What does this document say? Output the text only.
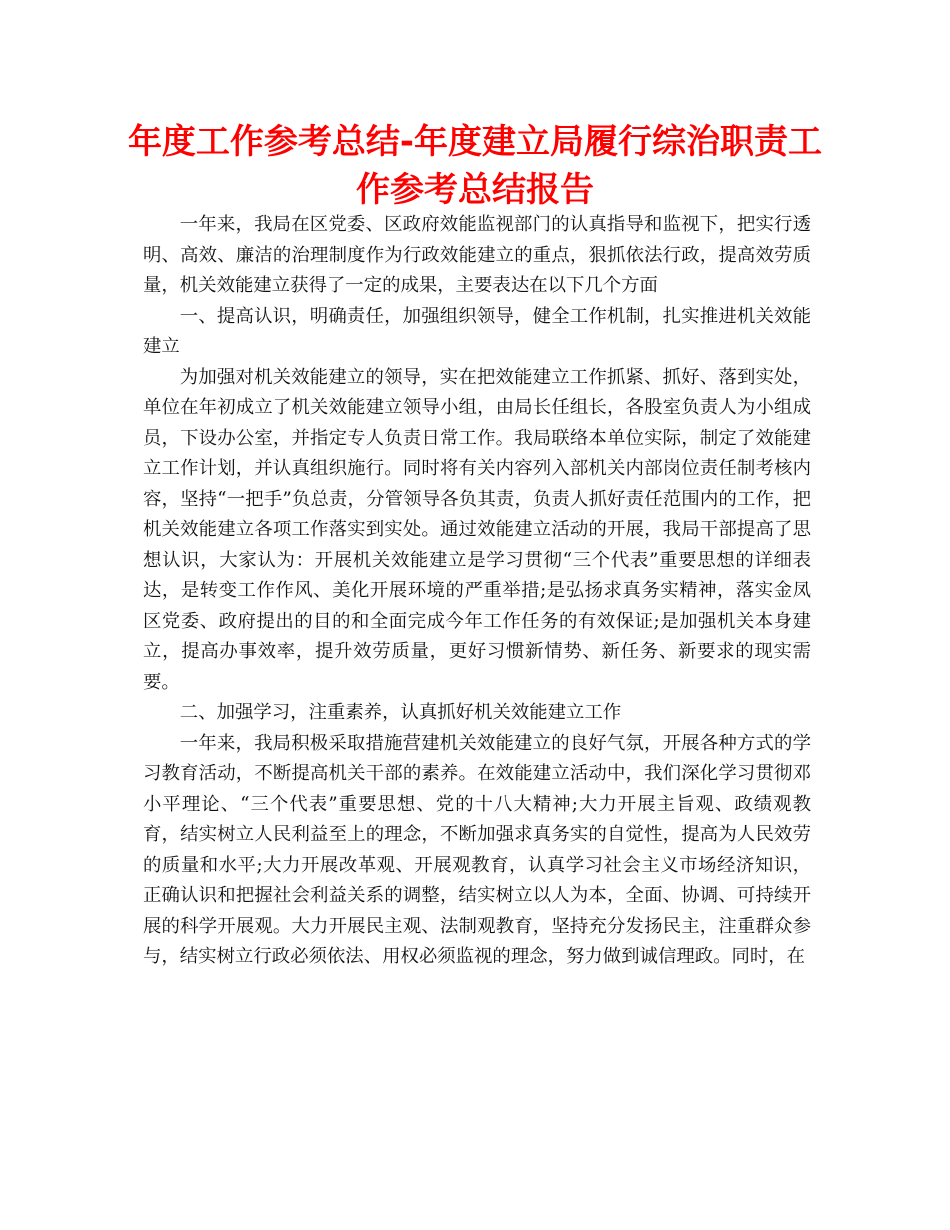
年度工作参考总结-年度建立局履行综治职责工作参考总结报告

一年来，我局在区党委、区政府效能监视部门的认真指导和监视下，把实行透明、高效、廉洁的治理制度作为行政效能建立的重点，狠抓依法行政，提高效劳质量，机关效能建立获得了一定的成果，主要表达在以下几个方面

一、提高认识，明确责任，加强组织领导，健全工作机制，扎实推进机关效能建立

为加强对机关效能建立的领导，实在把效能建立工作抓紧、抓好、落到实处，单位在年初成立了机关效能建立领导小组，由局长任组长，各股室负责人为小组成员，下设办公室，并指定专人负责日常工作。我局联络本单位实际，制定了效能建立工作计划，并认真组织施行。同时将有关内容列入部机关内部岗位责任制考核内容，坚持“一把手”负总责，分管领导各负其责，负责人抓好责任范围内的工作，把机关效能建立各项工作落实到实处。通过效能建立活动的开展，我局干部提高了思想认识，大家认为：开展机关效能建立是学习贯彻“三个代表”重要思想的详细表达，是转变工作作风、美化开展环境的严重举措;是弘扬求真务实精神，落实金凤区党委、政府提出的目的和全面完成今年工作任务的有效保证;是加强机关本身建立，提高办事效率，提升效劳质量，更好习惯新情势、新任务、新要求的现实需要。

二、加强学习，注重素养，认真抓好机关效能建立工作

一年来，我局积极采取措施营建机关效能建立的良好气氛，开展各种方式的学习教育活动，不断提高机关干部的素养。在效能建立活动中，我们深化学习贯彻邓小平理论、“三个代表”重要思想、党的十八大精神;大力开展主旨观、政绩观教育，结实树立人民利益至上的理念，不断加强求真务实的自觉性，提高为人民效劳的质量和水平;大力开展改革观、开展观教育，认真学习社会主义市场经济知识，正确认识和把握社会利益关系的调整，结实树立以人为本，全面、协调、可持续开展的科学开展观。大力开展民主观、法制观教育，坚持充分发扬民主，注重群众参与，结实树立行政必须依法、用权必须监视的理念，努力做到诚信理政。同时，在
